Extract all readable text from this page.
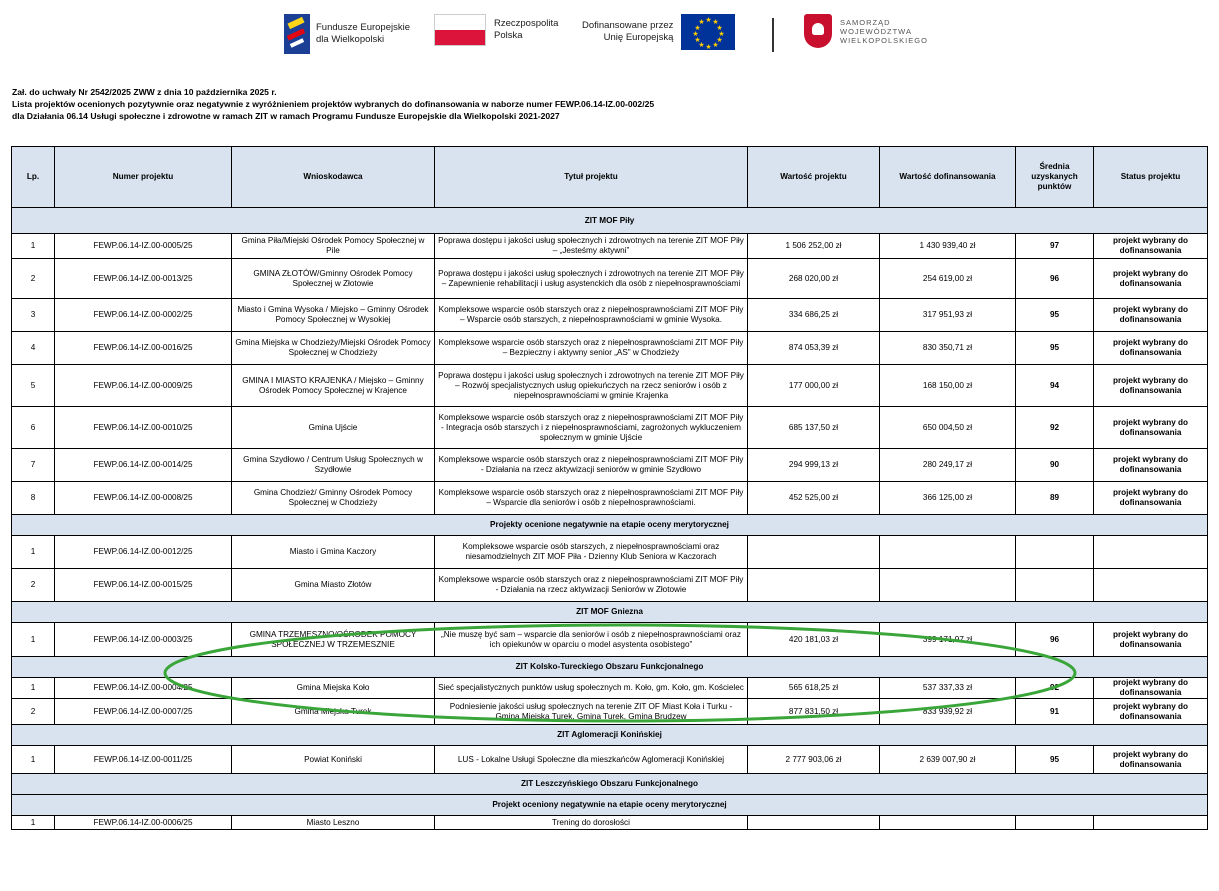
Fundusze Europejskie
dla Wielkopolski
Rzeczpospolita
Polska
Dofinansowane przez
Unię Europejską
★ ★
★
★
★
★
★
★
★
★
★
★	SAMORZĄD
WOJEWÓDZTWA
WIELKOPOLSKIEGO
Zał. do uchwały Nr 2542/2025 ZWW z dnia 10 października 2025 r.
Lista projektów ocenionych pozytywnie oraz negatywnie z wyróżnieniem projektów wybranych do dofinansowania w naborze numer FEWP.06.14-IZ.00-002/25
dla Działania 06.14 Usługi społeczne i zdrowotne w ramach ZIT w ramach Programu Fundusze Europejskie dla Wielkopolski 2021-2027
Lp.	Numer projektu	Wnioskodawca	Tytuł projektu	Wartość projektu	Wartość dofinansowania	Średnia uzyskanych punktów	Status projektu
ZIT MOF Piły							
1	FEWP.06.14-IZ.00-0005/25	Gmina Piła/Miejski Ośrodek Pomocy Społecznej w Pile	Poprawa dostępu i jakości usług społecznych i zdrowotnych na terenie ZIT MOF Piły – „Jesteśmy aktywni”	1 506 252,00 zł	1 430 939,40 zł	97	projekt wybrany do dofinansowania
2	FEWP.06.14-IZ.00-0013/25	GMINA ZŁOTÓW/Gminny Ośrodek Pomocy Społecznej w Złotowie	Poprawa dostępu i jakości usług społecznych i zdrowotnych na terenie ZIT MOF Piły – Zapewnienie rehabilitacji i usług asystenckich dla osób z niepełnosprawnościami	268 020,00 zł	254 619,00 zł	96	projekt wybrany do dofinansowania
3	FEWP.06.14-IZ.00-0002/25	Miasto i Gmina Wysoka / Miejsko – Gminny Ośrodek Pomocy Społecznej w Wysokiej	Kompleksowe wsparcie osób starszych oraz z niepełnosprawnościami ZIT MOF Piły – Wsparcie osób starszych, z niepełnosprawnościami w gminie Wysoka.	334 686,25 zł	317 951,93 zł	95	projekt wybrany do dofinansowania
4	FEWP.06.14-IZ.00-0016/25	Gmina Miejska w Chodzieży/Miejski Ośrodek Pomocy Społecznej w Chodzieży	Kompleksowe wsparcie osób starszych oraz z niepełnosprawnościami ZIT MOF Piły – Bezpieczny i aktywny senior „AS” w Chodzieży	874 053,39 zł	830 350,71 zł	95	projekt wybrany do dofinansowania
5	FEWP.06.14-IZ.00-0009/25	GMINA I MIASTO KRAJENKA / Miejsko – Gminny Ośrodek Pomocy Społecznej w Krajence	Poprawa dostępu i jakości usług społecznych i zdrowotnych na terenie ZIT MOF Piły – Rozwój specjalistycznych usług opiekuńczych na rzecz seniorów i osób z niepełnosprawnościami w gminie Krajenka	177 000,00 zł	168 150,00 zł	94	projekt wybrany do dofinansowania
6	FEWP.06.14-IZ.00-0010/25	Gmina Ujście	Kompleksowe wsparcie osób starszych oraz z niepełnosprawnościami ZIT MOF Piły - Integracja osób starszych i z niepełnosprawnościami, zagrożonych wykluczeniem społecznym w gminie Ujście	685 137,50 zł	650 004,50 zł	92	projekt wybrany do dofinansowania
7	FEWP.06.14-IZ.00-0014/25	Gmina Szydłowo / Centrum Usług Społecznych w Szydłowie	Kompleksowe wsparcie osób starszych oraz z niepełnosprawnościami ZIT MOF Piły - Działania na rzecz aktywizacji seniorów w gminie Szydłowo	294 999,13 zł	280 249,17 zł	90	projekt wybrany do dofinansowania
8	FEWP.06.14-IZ.00-0008/25	Gmina Chodzież/ Gminny Ośrodek Pomocy Społecznej w Chodzieży	Kompleksowe wsparcie osób starszych oraz z niepełnosprawnościami ZIT MOF Piły – Wsparcie dla seniorów i osób z niepełnosprawnościami.	452 525,00 zł	366 125,00 zł	89	projekt wybrany do dofinansowania
Projekty ocenione negatywnie na etapie oceny merytorycznej							
1	FEWP.06.14-IZ.00-0012/25	Miasto i Gmina Kaczory	Kompleksowe wsparcie osób starszych, z niepełnosprawnościami oraz niesamodzielnych ZIT MOF Piła - Dzienny Klub Seniora w Kaczorach				
2	FEWP.06.14-IZ.00-0015/25	Gmina Miasto Złotów	Kompleksowe wsparcie osób starszych oraz z niepełnosprawnościami ZIT MOF Piły - Działania na rzecz aktywizacji Seniorów w Złotowie				
ZIT MOF Gniezna							
1	FEWP.06.14-IZ.00-0003/25	GMINA TRZEMESZNO/OŚRODEK POMOCY SPOŁECZNEJ W TRZEMESZNIE	„Nie muszę być sam – wsparcie dla seniorów i osób z niepełnosprawnościami oraz ich opiekunów w oparciu o model asystenta osobistego”	420 181,03 zł	399 171,97 zł	96	projekt wybrany do dofinansowania
ZIT Kolsko-Tureckiego Obszaru Funkcjonalnego							
1	FEWP.06.14-IZ.00-0004/25	Gmina Miejska Koło	Sieć specjalistycznych punktów usług społecznych m. Koło, gm. Koło, gm. Kościelec	565 618,25 zł	537 337,33 zł	92	projekt wybrany do dofinansowania
2	FEWP.06.14-IZ.00-0007/25	Gmina Miejska Turek	Podniesienie jakości usług społecznych na terenie ZIT OF Miast Koła i Turku - Gmina Miejska Turek, Gmina Turek, Gmina Brudzew	877 831,50 zł	833 939,92 zł	91	projekt wybrany do dofinansowania
ZIT Aglomeracji Konińskiej							
1	FEWP.06.14-IZ.00-0011/25	Powiat Koniński	LUS - Lokalne Usługi Społeczne dla mieszkańców Aglomeracji Konińskiej	2 777 903,06 zł	2 639 007,90 zł	95	projekt wybrany do dofinansowania
ZIT Leszczyńskiego Obszaru Funkcjonalnego							
Projekt oceniony negatywnie na etapie oceny merytorycznej							
1	FEWP.06.14-IZ.00-0006/25	Miasto Leszno	Trening do dorosłości				
